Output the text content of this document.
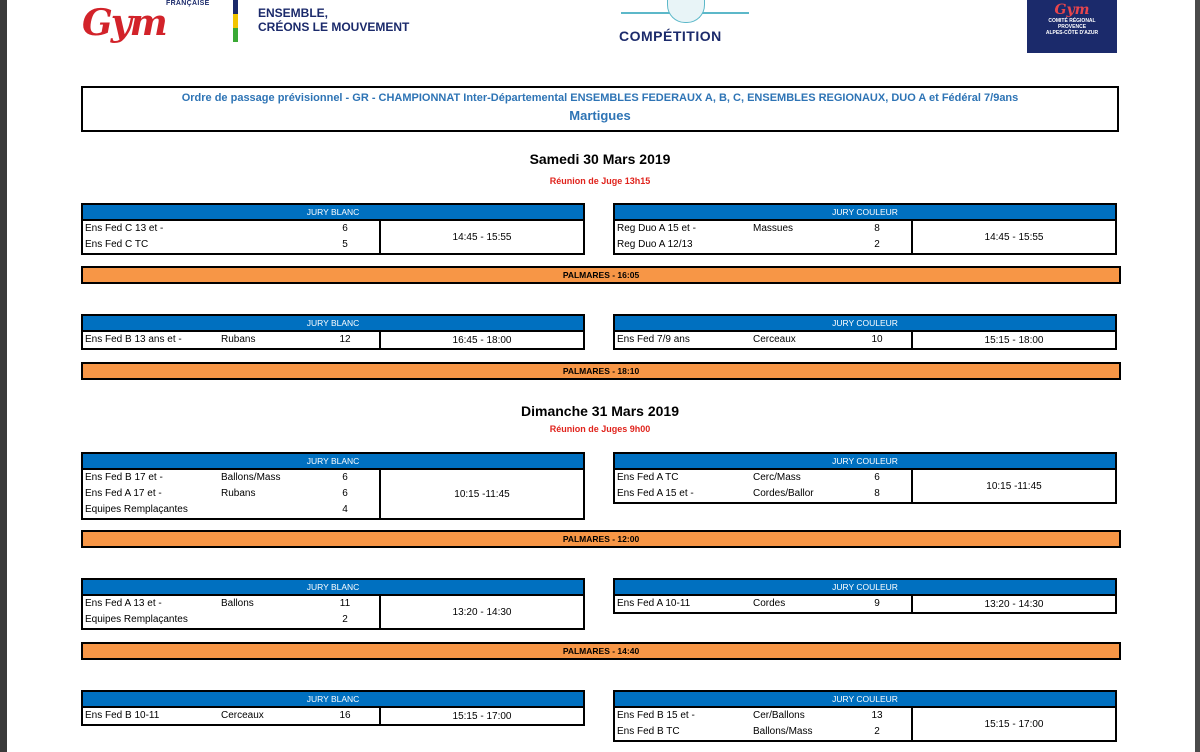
FRANÇAISE
Gym	ENSEMBLE,
CRÉONS LE MOUVEMENT
COMPÉTITION
Gym
COMITÉ RÉGIONAL
PROVENCE
ALPES-CÔTE D'AZUR
Ordre de passage prévisionnel - GR - CHAMPIONNAT Inter-Départemental ENSEMBLES FEDERAUX A, B, C, ENSEMBLES REGIONAUX, DUO A et Fédéral 7/9ans
Martigues
Samedi 30 Mars 2019
Réunion de Juge 13h15
JURY BLANC
Ens Fed C 13 et -	6
Ens Fed C TC	5
14:45 - 15:55
JURY COULEUR
Reg Duo A 15 et -	Massues	8
Reg Duo A 12/13	2
14:45 - 15:55
PALMARES - 16:05
JURY BLANC
Ens Fed B 13 ans et -	Rubans	12	16:45 - 18:00
JURY COULEUR
Ens Fed 7/9 ans	Cerceaux	10	15:15 - 18:00
PALMARES - 18:10
Dimanche 31 Mars 2019
Réunion de Juges 9h00
JURY BLANC
Ens Fed B 17 et -	Ballons/Mass	6
Ens Fed A 17 et -	Rubans	6
Equipes Remplaçantes	4
10:15 -11:45
JURY COULEUR
Ens Fed A TC	Cerc/Mass	6
Ens Fed A 15 et -	Cordes/Ballor	8
10:15 -11:45
PALMARES - 12:00
JURY BLANC
Ens Fed A 13 et -	Ballons	11
Equipes Remplaçantes	2
13:20 - 14:30
JURY COULEUR
Ens Fed A 10-11	Cordes	9	13:20 - 14:30
PALMARES - 14:40
JURY BLANC
Ens Fed B 10-11	Cerceaux	16	15:15 - 17:00
JURY COULEUR
Ens Fed B 15 et -	Cer/Ballons	13
Ens Fed B TC	Ballons/Mass	2
15:15 - 17:00
